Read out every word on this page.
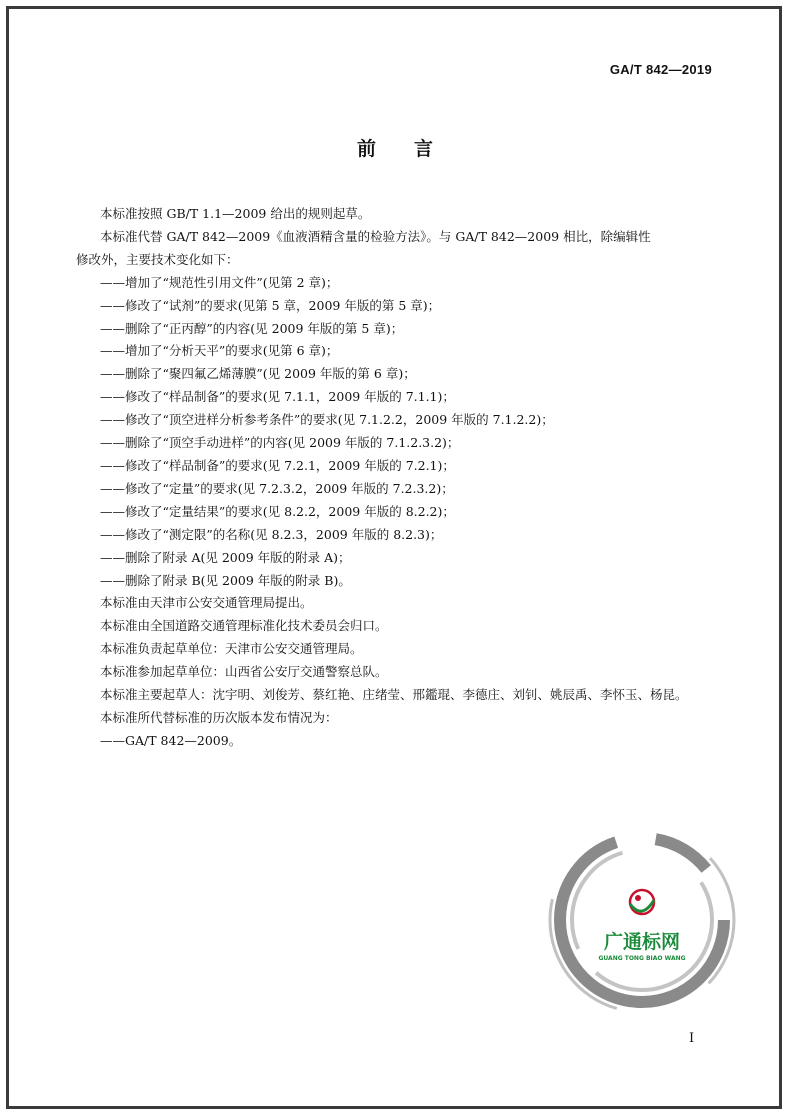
GA/T 842—2019
前言

本标准按照 GB/T 1.1—2009 给出的规则起草。

本标准代替 GA/T 842—2009《血液酒精含量的检验方法》。与 GA/T 842—2009 相比，除编辑性

修改外，主要技术变化如下：

——增加了“规范性引用文件”(见第 2 章)；

——修改了“试剂”的要求(见第 5 章，2009 年版的第 5 章)；

——删除了“正丙醇”的内容(见 2009 年版的第 5 章)；

——增加了“分析天平”的要求(见第 6 章)；

——删除了“聚四氟乙烯薄膜”(见 2009 年版的第 6 章)；

——修改了“样品制备”的要求(见 7.1.1，2009 年版的 7.1.1)；

——修改了“顶空进样分析参考条件”的要求(见 7.1.2.2，2009 年版的 7.1.2.2)；

——删除了“顶空手动进样”的内容(见 2009 年版的 7.1.2.3.2)；

——修改了“样品制备”的要求(见 7.2.1，2009 年版的 7.2.1)；

——修改了“定量”的要求(见 7.2.3.2，2009 年版的 7.2.3.2)；

——修改了“定量结果”的要求(见 8.2.2，2009 年版的 8.2.2)；

——修改了“测定限”的名称(见 8.2.3，2009 年版的 8.2.3)；

——删除了附录 A(见 2009 年版的附录 A)；

——删除了附录 B(见 2009 年版的附录 B)。

本标准由天津市公安交通管理局提出。

本标准由全国道路交通管理标准化技术委员会归口。

本标准负责起草单位：天津市公安交通管理局。

本标准参加起草单位：山西省公安厅交通警察总队。

本标准主要起草人：沈宇明、刘俊芳、蔡红艳、庄绪莹、邢鑑琨、李德庄、刘钊、姚辰禹、李怀玉、杨昆。

本标准所代替标准的历次版本发布情况为：

——GA/T 842—2009。

广通标网
GUANG TONG BIAO WANG
I
